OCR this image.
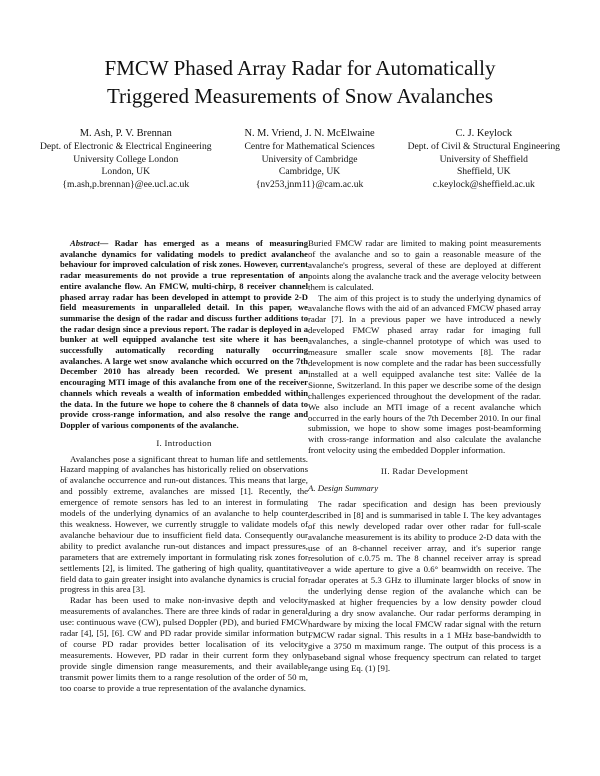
FMCW Phased Array Radar for Automatically
Triggered Measurements of Snow Avalanches
M. Ash, P. V. Brennan
Dept. of Electronic & Electrical Engineering
University College London
London, UK
{m.ash,p.brennan}@ee.ucl.ac.uk
N. M. Vriend, J. N. McElwaine
Centre for Mathematical Sciences
University of Cambridge
Cambridge, UK
{nv253,jnm11}@cam.ac.uk
C. J. Keylock
Dept. of Civil & Structural Engineering
University of Sheffield
Sheffield, UK
c.keylock@sheffield.ac.uk

Abstract— Radar has emerged as a means of measuring avalanche dynamics for validating models to predict avalanche behaviour for improved calculation of risk zones. However, current radar measurements do not provide a true representation of an entire avalanche flow. An FMCW, multi-chirp, 8 receiver channel phased array radar has been developed in attempt to provide 2-D field measurements in unparalleled detail. In this paper, we summarise the design of the radar and discuss further additions to the radar design since a previous report. The radar is deployed in a bunker at well equipped avalanche test site where it has been successfully automatically recording naturally occurring avalanches. A large wet snow avalanche which occurred on the 7th December 2010 has already been recorded. We present an encouraging MTI image of this avalanche from one of the receiver channels which reveals a wealth of information embedded within the data. In the future we hope to cohere the 8 channels of data to provide cross-range information, and also resolve the range and Doppler of various components of the avalanche.

I. Introduction

Avalanches pose a significant threat to human life and settlements. Hazard mapping of avalanches has historically relied on observations of avalanche occurrence and run-out distances. This means that large, and possibly extreme, avalanches are missed [1]. Recently, the emergence of remote sensors has led to an interest in formulating models of the underlying dynamics of an avalanche to help counter this weakness. However, we currently struggle to validate models of avalanche behaviour due to insufficient field data. Consequently our ability to predict avalanche run-out distances and impact pressures, parameters that are extremely important in formulating risk zones for settlements [2], is limited. The gathering of high quality, quantitative field data to gain greater insight into avalanche dynamics is crucial for progress in this area [3].

Radar has been used to make non-invasive depth and velocity measurements of avalanches. There are three kinds of radar in general use: continuous wave (CW), pulsed Doppler (PD), and buried FMCW radar [4], [5], [6]. CW and PD radar provide similar information but of course PD radar provides better localisation of its velocity measurements. However, PD radar in their current form they only provide single dimension range measurements, and their available transmit power limits them to a range resolution of the order of 50 m, too coarse to provide a true representation of the avalanche dynamics.

Buried FMCW radar are limited to making point measurements of the avalanche and so to gain a reasonable measure of the avalanche's progress, several of these are deployed at different points along the avalanche track and the average velocity between them is calculated.

The aim of this project is to study the underlying dynamics of avalanche flows with the aid of an advanced FMCW phased array radar [7]. In a previous paper we have introduced a newly developed FMCW phased array radar for imaging full avalanches, a single-channel prototype of which was used to measure smaller scale snow movements [8]. The radar development is now complete and the radar has been successfully installed at a well equipped avalanche test site: Vallée de la Sionne, Switzerland. In this paper we describe some of the design challenges experienced throughout the development of the radar. We also include an MTI image of a recent avalanche which occurred in the early hours of the 7th December 2010. In our final submission, we hope to show some images post-beamforming with cross-range information and also calculate the avalanche front velocity using the embedded Doppler information.

II. Radar Development
A. Design Summary

The radar specification and design has been previously described in [8] and is summarised in table I. The key advantages of this newly developed radar over other radar for full-scale avalanche measurement is its ability to produce 2-D data with the use of an 8-channel receiver array, and it's superior range resolution of c.0.75 m. The 8 channel receiver array is spread over a wide aperture to give a 0.6° beamwidth on receive. The radar operates at 5.3 GHz to illuminate larger blocks of snow in the underlying dense region of the avalanche which can be masked at higher frequencies by a low density powder cloud during a dry snow avalanche. Our radar performs deramping in hardware by mixing the local FMCW radar signal with the return FMCW radar signal. This results in a 1 MHz base-bandwidth to give a 3750 m maximum range. The output of this process is a baseband signal whose frequency spectrum can related to target range using Eq. (1) [9].
